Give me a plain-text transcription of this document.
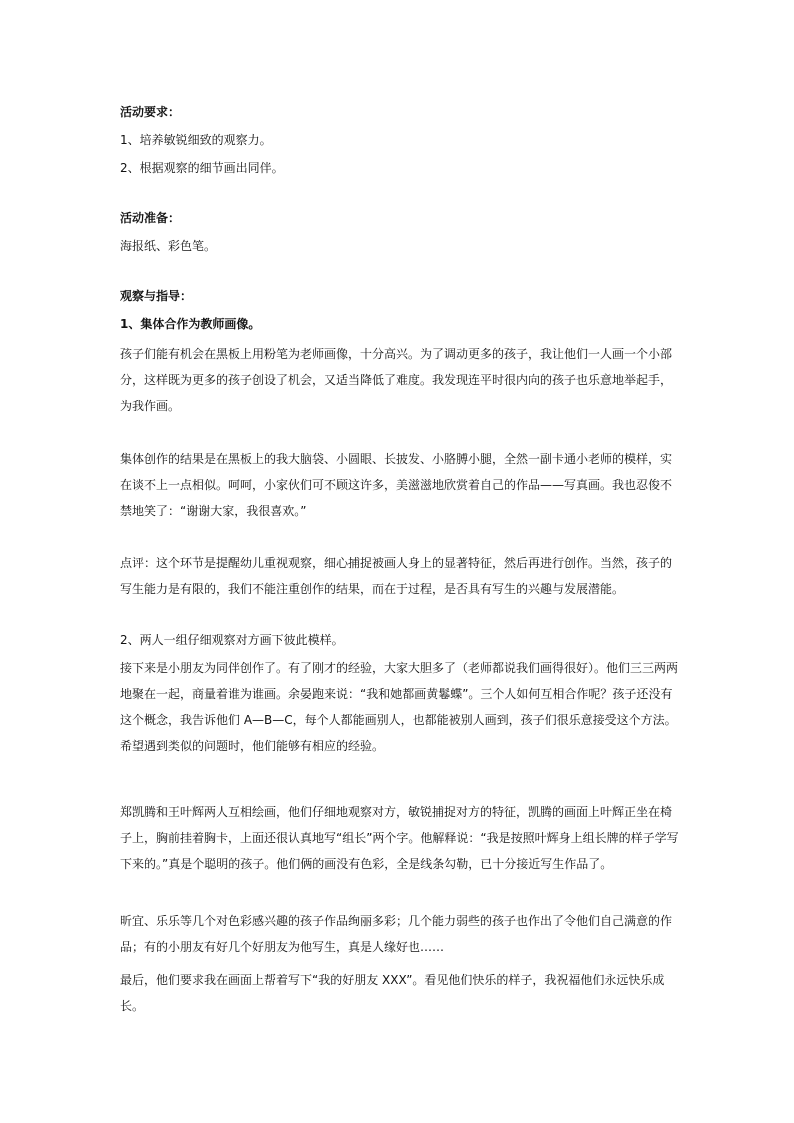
活动要求：
1、培养敏锐细致的观察力。
2、根据观察的细节画出同伴。
活动准备：
海报纸、彩色笔。
观察与指导：
1、集体合作为教师画像。

孩子们能有机会在黑板上用粉笔为老师画像，十分高兴。为了调动更多的孩子，我让他们一人画一个小部分，这样既为更多的孩子创设了机会，又适当降低了难度。我发现连平时很内向的孩子也乐意地举起手，为我作画。

集体创作的结果是在黑板上的我大脑袋、小圆眼、长披发、小胳膊小腿，全然一副卡通小老师的模样，实在谈不上一点相似。呵呵，小家伙们可不顾这许多，美滋滋地欣赏着自己的作品——写真画。我也忍俊不禁地笑了：“谢谢大家，我很喜欢。”

点评：这个环节是提醒幼儿重视观察，细心捕捉被画人身上的显著特征，然后再进行创作。当然，孩子的写生能力是有限的，我们不能注重创作的结果，而在于过程，是否具有写生的兴趣与发展潜能。

2、两人一组仔细观察对方画下彼此模样。

接下来是小朋友为同伴创作了。有了刚才的经验，大家大胆多了（老师都说我们画得很好）。他们三三两两地聚在一起，商量着谁为谁画。余晏跑来说：“我和她都画黄鬈蝶”。三个人如何互相合作呢？孩子还没有这个概念，我告诉他们 A—B—C，每个人都能画别人，也都能被别人画到，孩子们很乐意接受这个方法。希望遇到类似的问题时，他们能够有相应的经验。

郑凯腾和王叶辉两人互相绘画，他们仔细地观察对方，敏锐捕捉对方的特征，凯腾的画面上叶辉正坐在椅子上，胸前挂着胸卡，上面还很认真地写“组长”两个字。他解释说：“我是按照叶辉身上组长牌的样子学写下来的。”真是个聪明的孩子。他们俩的画没有色彩，全是线条勾勒，已十分接近写生作品了。

昕宜、乐乐等几个对色彩感兴趣的孩子作品绚丽多彩；几个能力弱些的孩子也作出了令他们自己满意的作品；有的小朋友有好几个好朋友为他写生，真是人缘好也……

最后，他们要求我在画面上帮着写下“我的好朋友 XXX”。看见他们快乐的样子，我祝福他们永远快乐成长。
